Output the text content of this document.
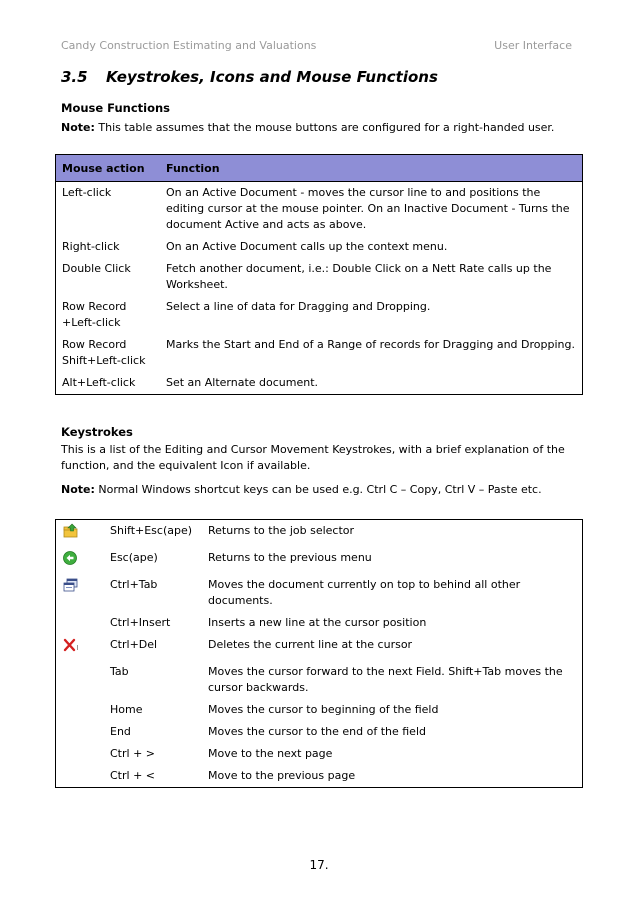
Candy Construction Estimating and Valuations	User Interface
3.5 Keystrokes, Icons and Mouse Functions
Mouse Functions
Note: This table assumes that the mouse buttons are configured for a right-handed user.
Mouse action	Function
Left-click	On an Active Document - moves the cursor line to and positions the editing cursor at the mouse pointer. On an Inactive Document - Turns the document Active and acts as above.
Right-click	On an Active Document calls up the context menu.
Double Click	Fetch another document, i.e.: Double Click on a Nett Rate calls up the Worksheet.
Row Record +Left-click	Select a line of data for Dragging and Dropping.
Row Record Shift+Left-click	Marks the Start and End of a Range of records for Dragging and Dropping.
Alt+Left-click	Set an Alternate document.
Keystrokes
This is a list of the Editing and Cursor Movement Keystrokes, with a brief explanation of the function, and the equivalent Icon if available.
Note: Normal Windows shortcut keys can be used e.g. Ctrl C – Copy, Ctrl V – Paste etc.
	Shift+Esc(ape)	Returns to the job selector
	Esc(ape)	Returns to the previous menu
	Ctrl+Tab	Moves the document currently on top to behind all other documents.
	Ctrl+Insert	Inserts a new line at the cursor position
	Ctrl+Del	Deletes the current line at the cursor
	Tab	Moves the cursor forward to the next Field. Shift+Tab moves the cursor backwards.
	Home	Moves the cursor to beginning of the field
	End	Moves the cursor to the end of the field
	Ctrl + >	Move to the next page
	Ctrl + <	Move to the previous page
17.
